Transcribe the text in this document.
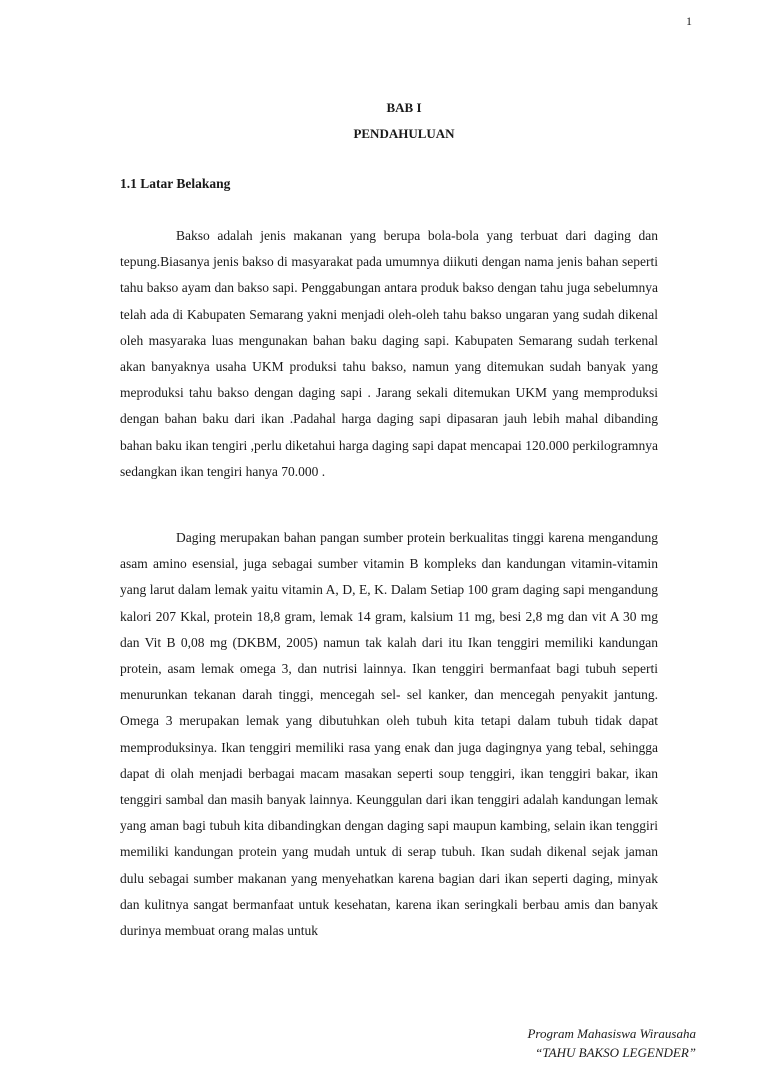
1
BAB I
PENDAHULUAN
1.1 Latar Belakang

Bakso adalah jenis makanan yang berupa bola-bola yang terbuat dari daging dan tepung.Biasanya jenis bakso di masyarakat pada umumnya diikuti dengan nama jenis bahan seperti tahu bakso ayam dan bakso sapi. Penggabungan antara produk bakso dengan tahu juga sebelumnya telah ada di Kabupaten Semarang yakni menjadi oleh-oleh tahu bakso ungaran yang sudah dikenal oleh masyaraka luas mengunakan bahan baku daging sapi. Kabupaten Semarang sudah terkenal akan banyaknya usaha UKM produksi tahu bakso, namun yang ditemukan sudah banyak yang meproduksi tahu bakso dengan daging sapi . Jarang sekali ditemukan UKM yang memproduksi dengan bahan baku dari ikan .Padahal harga daging sapi dipasaran jauh lebih mahal dibanding bahan baku ikan tengiri ,perlu diketahui harga daging sapi dapat mencapai 120.000 perkilogramnya sedangkan ikan tengiri hanya 70.000 .

Daging merupakan bahan pangan sumber protein berkualitas tinggi karena mengandung asam amino esensial, juga sebagai sumber vitamin B kompleks dan kandungan vitamin-vitamin yang larut dalam lemak yaitu vitamin A, D, E, K. Dalam Setiap 100 gram daging sapi mengandung kalori 207 Kkal, protein 18,8 gram, lemak 14 gram, kalsium 11 mg, besi 2,8 mg dan vit A 30 mg dan Vit B 0,08 mg (DKBM, 2005) namun tak kalah dari itu Ikan tenggiri memiliki kandungan protein, asam lemak omega 3, dan nutrisi lainnya. Ikan tenggiri bermanfaat bagi tubuh seperti menurunkan tekanan darah tinggi, mencegah sel- sel kanker, dan mencegah penyakit jantung. Omega 3 merupakan lemak yang dibutuhkan oleh tubuh kita tetapi dalam tubuh tidak dapat memproduksinya. Ikan tenggiri memiliki rasa yang enak dan juga dagingnya yang tebal, sehingga dapat di olah menjadi berbagai macam masakan seperti soup tenggiri, ikan tenggiri bakar, ikan tenggiri sambal dan masih banyak lainnya. Keunggulan dari ikan tenggiri adalah kandungan lemak yang aman bagi tubuh kita dibandingkan dengan daging sapi maupun kambing, selain ikan tenggiri memiliki kandungan protein yang mudah untuk di serap tubuh. Ikan sudah dikenal sejak jaman dulu sebagai sumber makanan yang menyehatkan karena bagian dari ikan seperti daging, minyak dan kulitnya sangat bermanfaat untuk kesehatan, karena ikan seringkali berbau amis dan banyak durinya membuat orang malas untuk

Program Mahasiswa Wirausaha
“TAHU BAKSO LEGENDER”
